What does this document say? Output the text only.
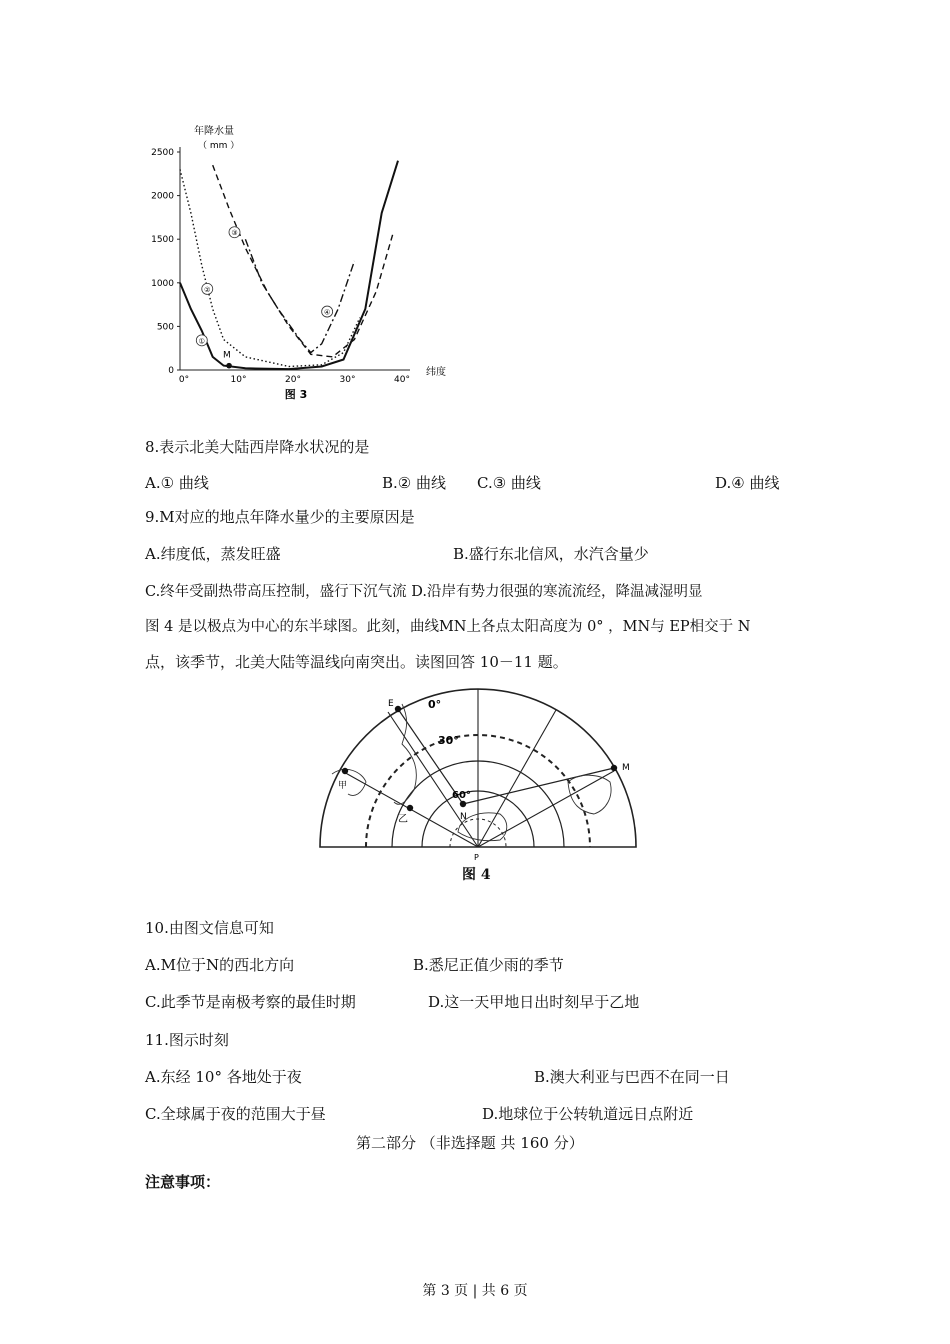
0
500
1000
1500
2000
2500
0°	10°	20°	30°	40°
年降水量
（ mm ）
纬度
图 3
①
②
③
④
M
8.表示北美大陆西岸降水状况的是
A.① 曲线	B.② 曲线 C.③ 曲线	D.④ 曲线
9.M对应的地点年降水量少的主要原因是
A.纬度低，蒸发旺盛	B.盛行东北信风，水汽含量少
C.终年受副热带高压控制，盛行下沉气流 D.沿岸有势力很强的寒流流经，降温减湿明显
图 4 是以极点为中心的东半球图。此刻，曲线MN上各点太阳高度为 0° ，MN与 EP相交于 N
点，该季节，北美大陆等温线向南突出。读图回答 10－11 题。
E
M
N
P
甲
乙
0°
30°
60°
图 4
10.由图文信息可知
A.M位于N的西北方向	B.悉尼正值少雨的季节
C.此季节是南极考察的最佳时期	D.这一天甲地日出时刻早于乙地
11.图示时刻
A.东经 10° 各地处于夜	B.澳大利亚与巴西不在同一日
C.全球属于夜的范围大于昼	D.地球位于公转轨道远日点附近
第二部分 （非选择题 共 160 分）
注意事项：
第 3 页 | 共 6 页
